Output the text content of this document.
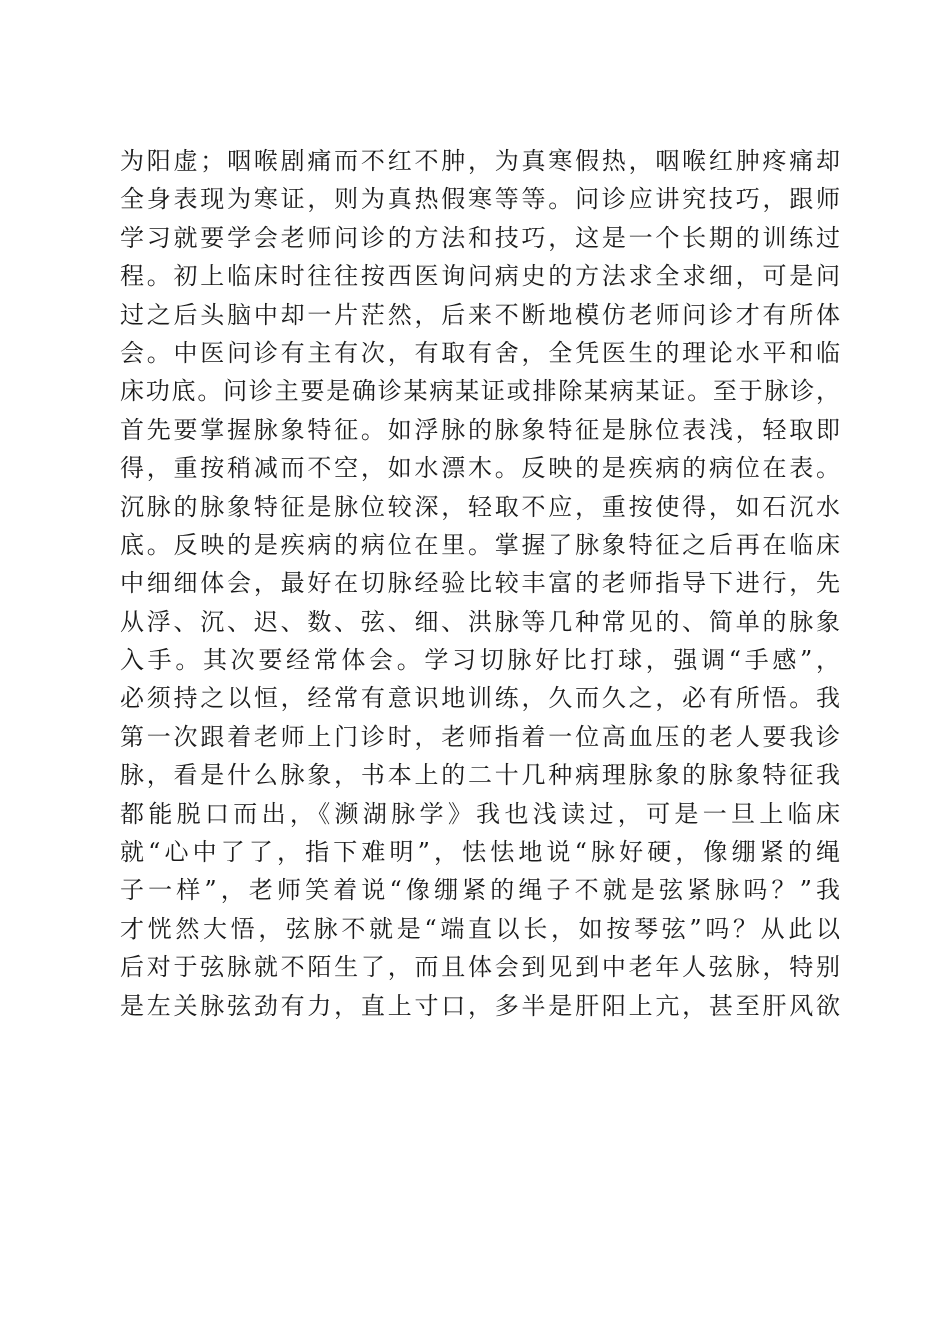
为阳虚；咽喉剧痛而不红不肿，为真寒假热，咽喉红肿疼痛却
全身表现为寒证，则为真热假寒等等。问诊应讲究技巧，跟师
学习就要学会老师问诊的方法和技巧，这是一个长期的训练过
程。初上临床时往往按西医询问病史的方法求全求细，可是问
过之后头脑中却一片茫然，后来不断地模仿老师问诊才有所体
会。中医问诊有主有次，有取有舍，全凭医生的理论水平和临
床功底。问诊主要是确诊某病某证或排除某病某证。至于脉诊，
首先要掌握脉象特征。如浮脉的脉象特征是脉位表浅，轻取即
得，重按稍减而不空，如水漂木。反映的是疾病的病位在表。
沉脉的脉象特征是脉位较深，轻取不应，重按使得，如石沉水
底。反映的是疾病的病位在里。掌握了脉象特征之后再在临床
中细细体会，最好在切脉经验比较丰富的老师指导下进行，先
从浮、沉、迟、数、弦、细、洪脉等几种常见的、简单的脉象
入手。其次要经常体会。学习切脉好比打球，强调“手感”，
必须持之以恒，经常有意识地训练，久而久之，必有所悟。我
第一次跟着老师上门诊时，老师指着一位高血压的老人要我诊
脉，看是什么脉象，书本上的二十几种病理脉象的脉象特征我
都能脱口而出，《濒湖脉学》我也浅读过，可是一旦上临床
就“心中了了，指下难明”，怯怯地说“脉好硬，像绷紧的绳
子一样”，老师笑着说“像绷紧的绳子不就是弦紧脉吗？”我
才恍然大悟，弦脉不就是“端直以长，如按琴弦”吗？从此以
后对于弦脉就不陌生了，而且体会到见到中老年人弦脉，特别
是左关脉弦劲有力，直上寸口，多半是肝阳上亢，甚至肝风欲
